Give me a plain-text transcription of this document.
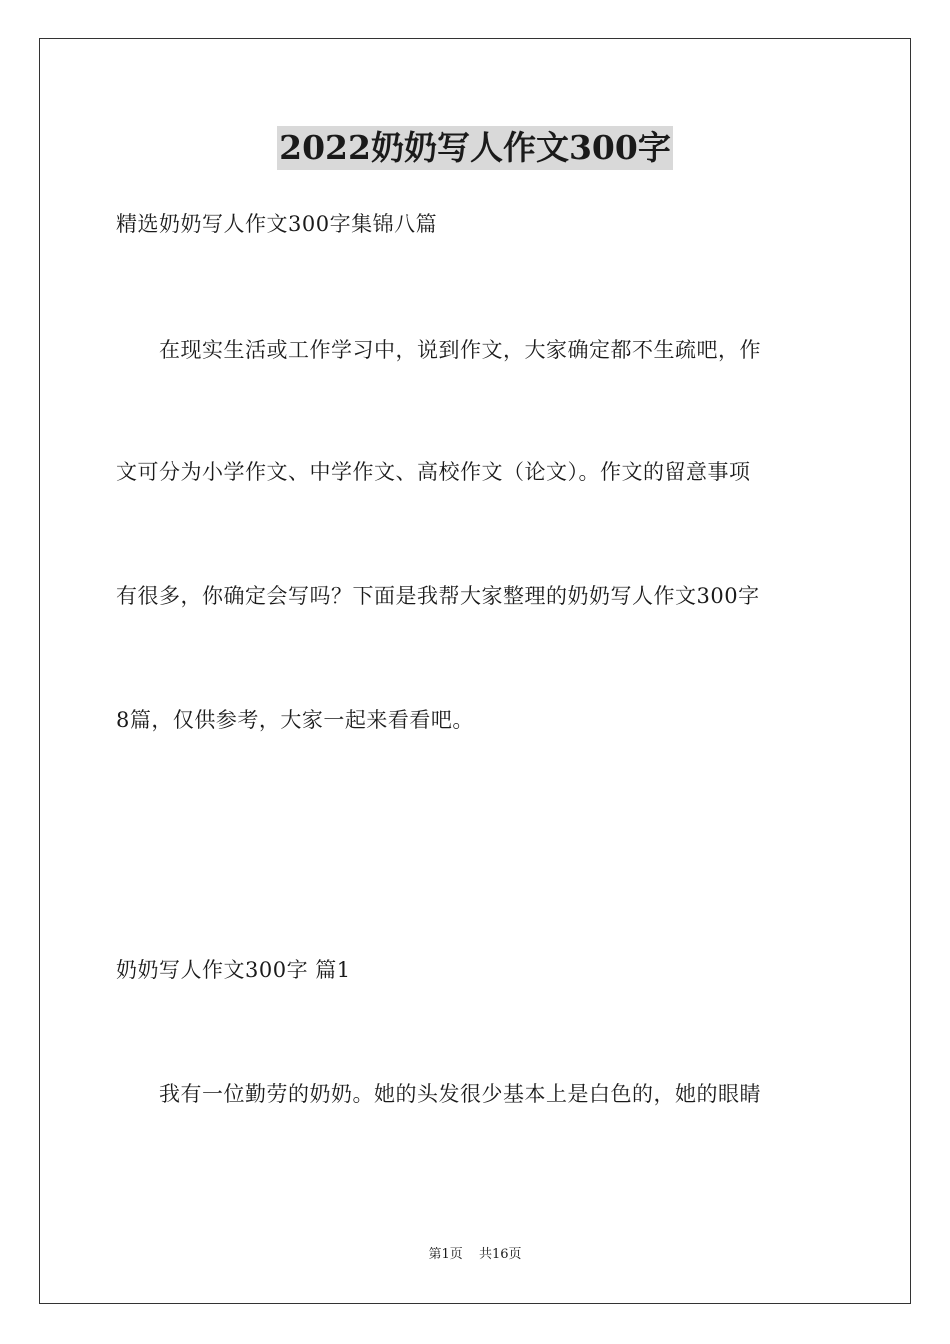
2022奶奶写人作文300字
精选奶奶写人作文300字集锦八篇
　　在现实生活或工作学习中，说到作文，大家确定都不生疏吧，作
文可分为小学作文、中学作文、高校作文（论文）。作文的留意事项
有很多，你确定会写吗？下面是我帮大家整理的奶奶写人作文300字
8篇，仅供参考，大家一起来看看吧。
奶奶写人作文300字 篇1
　　我有一位勤劳的奶奶。她的头发很少基本上是白色的，她的眼睛
第1页 共16页
